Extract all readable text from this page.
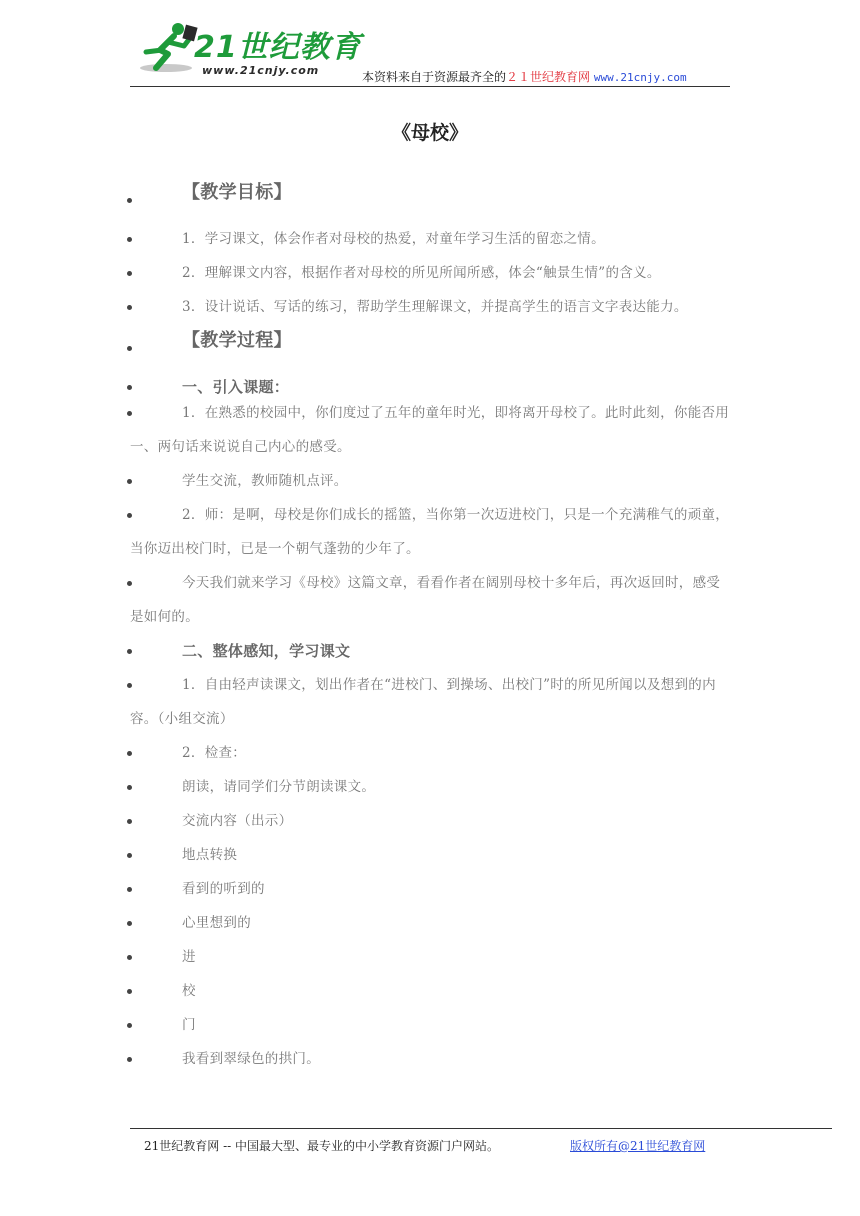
21世纪教育
www.21cnjy.com	本资料来自于资源最齐全的２１世纪教育网 www.21cnjy.com
《母校》
【教学目标】
1．学习课文，体会作者对母校的热爱，对童年学习生活的留恋之情。
2．理解课文内容，根据作者对母校的所见所闻所感，体会“触景生情”的含义。
3．设计说话、写话的练习，帮助学生理解课文，并提高学生的语言文字表达能力。
【教学过程】
一、引入课题：
1．在熟悉的校园中，你们度过了五年的童年时光，即将离开母校了。此时此刻，你能否用一、两句话来说说自己内心的感受。
学生交流，教师随机点评。
2．师：是啊，母校是你们成长的摇篮，当你第一次迈进校门，只是一个充满稚气的顽童，当你迈出校门时，已是一个朝气蓬勃的少年了。
今天我们就来学习《母校》这篇文章，看看作者在阔别母校十多年后，再次返回时，感受是如何的。
二、整体感知，学习课文
1．自由轻声读课文，划出作者在“进校门、到操场、出校门”时的所见所闻以及想到的内容。（小组交流）
2．检查：
朗读，请同学们分节朗读课文。
交流内容（出示）
地点转换
看到的听到的
心里想到的
进
校
门
我看到翠绿色的拱门。
21世纪教育网 -- 中国最大型、最专业的中小学教育资源门户网站。	版权所有@21世纪教育网
